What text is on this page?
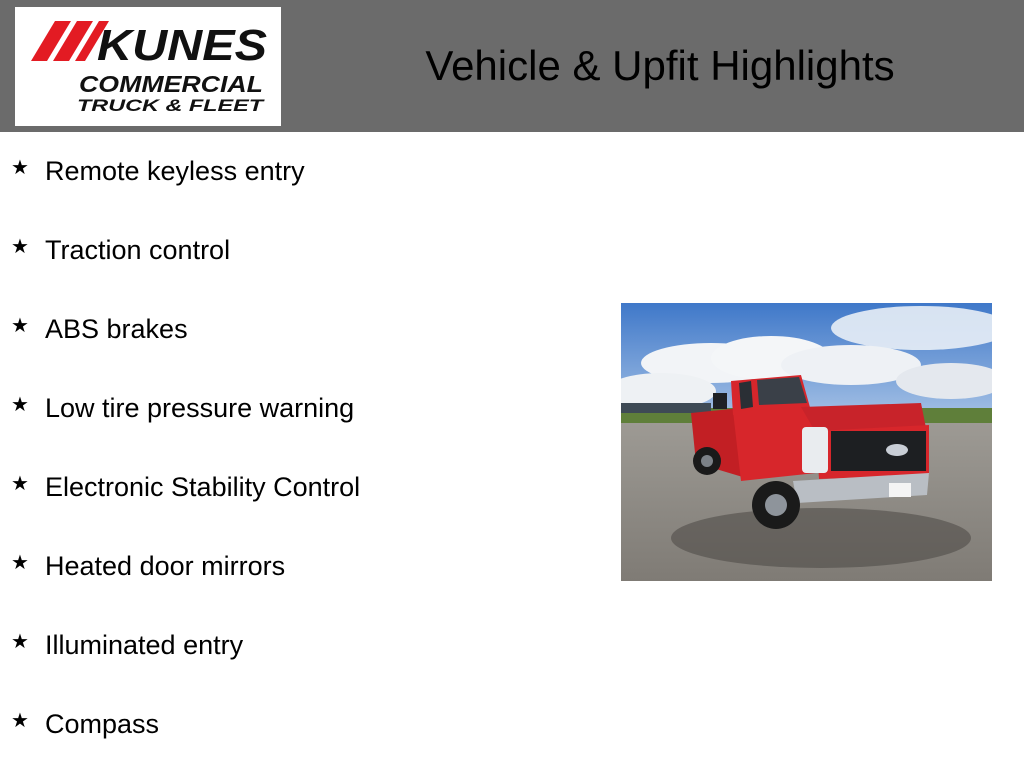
KUNES
COMMERCIAL
TRUCK & FLEET
Vehicle & Upfit Highlights
★ Remote keyless entry
★ Traction control
★ ABS brakes
★ Low tire pressure warning
★ Electronic Stability Control
★ Heated door mirrors
★ Illuminated entry
★ Compass
